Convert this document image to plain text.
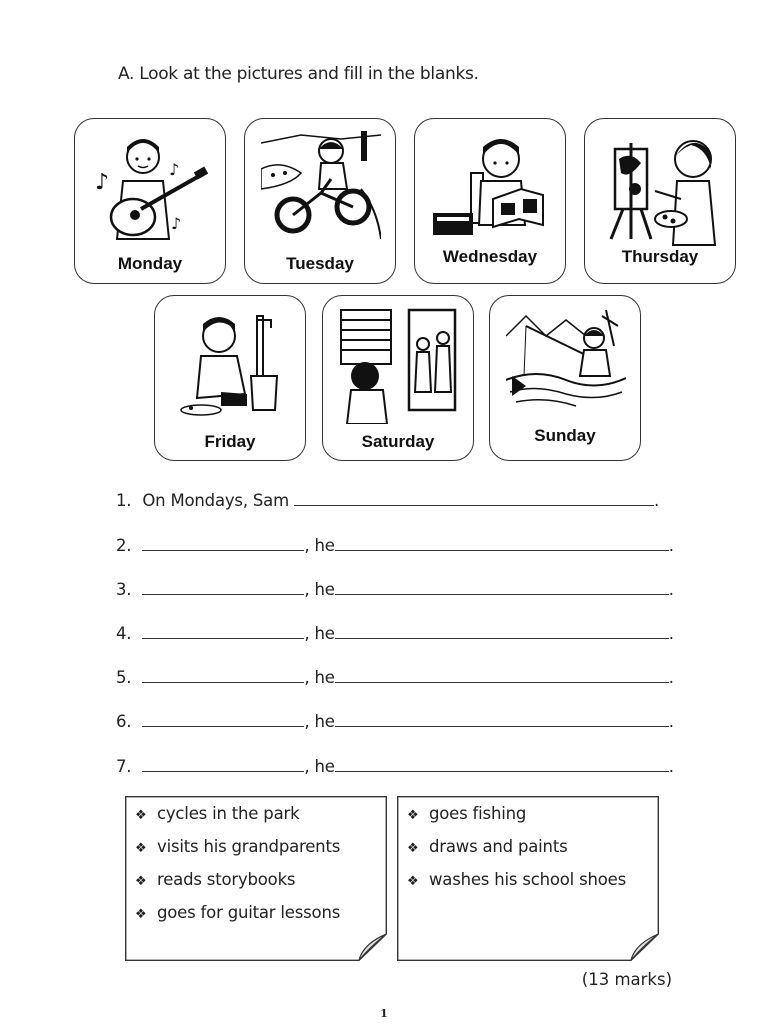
A. Look at the pictures and fill in the blanks.
♪
♪
♪
Monday	Tuesday	Wednesday	Thursday
Friday	Saturday	Sunday
1. On Mondays, Sam	.
2.	, he	.
3.	, he	.
4.	, he	.
5.	, he	.
6.	, he	.
7.	, he	.
❖ cycles in the park
❖ visits his grandparents
❖ reads storybooks
❖ goes for guitar lessons
❖ goes fishing
❖ draws and paints
❖ washes his school shoes
(13 marks)
1
